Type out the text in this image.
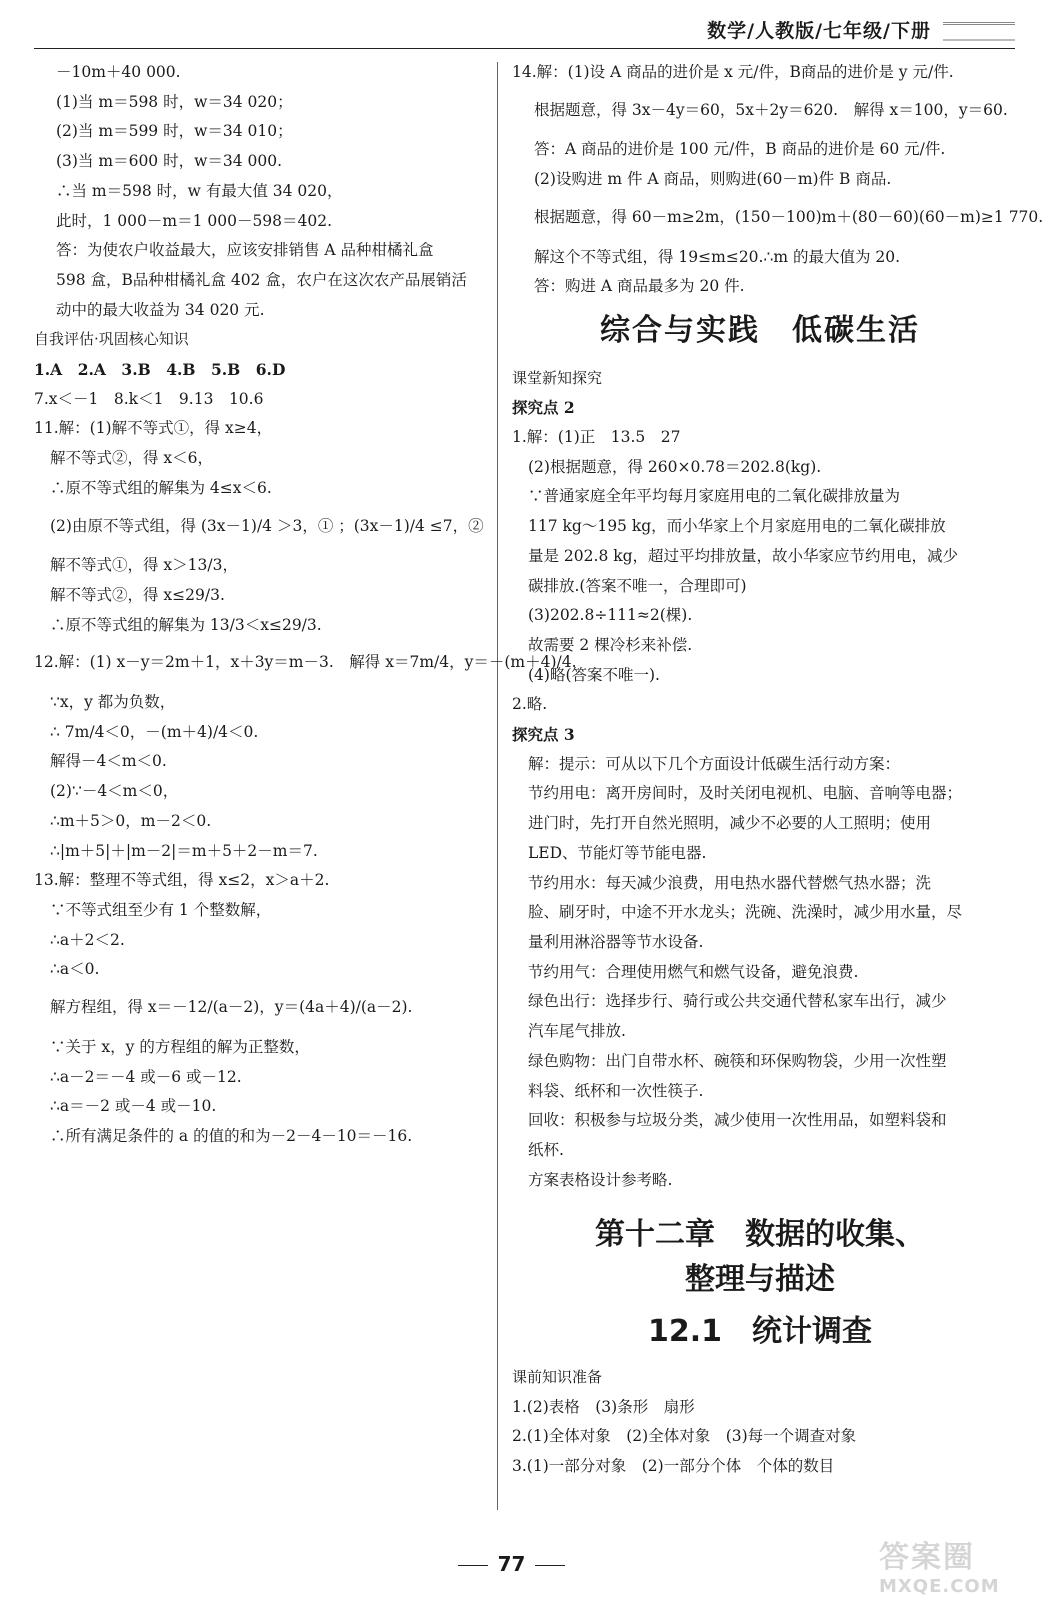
数学/人教版/七年级/下册
－10m＋40 000.
(1)当 m＝598 时，w＝34 020；
(2)当 m＝599 时，w＝34 010；
(3)当 m＝600 时，w＝34 000.
∴当 m＝598 时，w 有最大值 34 020，
此时，1 000－m＝1 000－598＝402.
答：为使农户收益最大，应该安排销售 A 品种柑橘礼盒
598 盒，B品种柑橘礼盒 402 盒，农户在这次农产品展销活
动中的最大收益为 34 020 元.
自我评估·巩固核心知识
1.A　2.A　3.B　4.B　5.B　6.D
7.x＜－1　8.k＜1　9.13　10.6
11.解：(1)解不等式①，得 x≥4，
解不等式②，得 x＜6，
∴原不等式组的解集为 4≤x＜6.
(2)由原不等式组，得 (3x－1)/4 ＞3，① ；(3x－1)/4 ≤7，②
解不等式①，得 x＞13/3，
解不等式②，得 x≤29/3.
∴原不等式组的解集为 13/3＜x≤29/3.
12.解：(1) x－y＝2m＋1，x＋3y＝m－3.　解得 x＝7m/4，y＝－(m＋4)/4.
∵x，y 都为负数，
∴ 7m/4＜0，－(m＋4)/4＜0.
解得－4＜m＜0.
(2)∵－4＜m＜0，
∴m＋5＞0，m－2＜0.
∴|m＋5|＋|m－2|＝m＋5＋2－m＝7.
13.解：整理不等式组，得 x≤2，x＞a＋2.
∵不等式组至少有 1 个整数解，
∴a＋2＜2.
∴a＜0.
解方程组，得 x＝－12/(a－2)，y＝(4a＋4)/(a－2).
∵关于 x，y 的方程组的解为正整数，
∴a－2＝－4 或－6 或－12.
∴a＝－2 或－4 或－10.
∴所有满足条件的 a 的值的和为－2－4－10＝－16.
14.解：(1)设 A 商品的进价是 x 元/件，B商品的进价是 y 元/件.
根据题意，得 3x－4y＝60，5x＋2y＝620.　解得 x＝100，y＝60.
答：A 商品的进价是 100 元/件，B 商品的进价是 60 元/件.
(2)设购进 m 件 A 商品，则购进(60－m)件 B 商品.
根据题意，得 60－m≥2m，(150－100)m＋(80－60)(60－m)≥1 770.
解这个不等式组，得 19≤m≤20.∴m 的最大值为 20.
答：购进 A 商品最多为 20 件.
综合与实践　低碳生活
课堂新知探究
探究点 2
1.解：(1)正　13.5　27
(2)根据题意，得 260×0.78＝202.8(kg).
∵普通家庭全年平均每月家庭用电的二氧化碳排放量为
117 kg～195 kg，而小华家上个月家庭用电的二氧化碳排放
量是 202.8 kg，超过平均排放量，故小华家应节约用电，减少
碳排放.(答案不唯一，合理即可)
(3)202.8÷111≈2(棵).
故需要 2 棵冷杉来补偿.
(4)略(答案不唯一).
2.略.
探究点 3
解：提示：可从以下几个方面设计低碳生活行动方案：
节约用电：离开房间时，及时关闭电视机、电脑、音响等电器；
进门时，先打开自然光照明，减少不必要的人工照明；使用
LED、节能灯等节能电器.
节约用水：每天减少浪费，用电热水器代替燃气热水器；洗
脸、刷牙时，中途不开水龙头；洗碗、洗澡时，减少用水量，尽
量利用淋浴器等节水设备.
节约用气：合理使用燃气和燃气设备，避免浪费.
绿色出行：选择步行、骑行或公共交通代替私家车出行，减少
汽车尾气排放.
绿色购物：出门自带水杯、碗筷和环保购物袋，少用一次性塑
料袋、纸杯和一次性筷子.
回收：积极参与垃圾分类，减少使用一次性用品，如塑料袋和
纸杯.
方案表格设计参考略.
第十二章　数据的收集、
整理与描述
12.1　统计调查
课前知识准备
1.(2)表格　(3)条形　扇形
2.(1)全体对象　(2)全体对象　(3)每一个调查对象
3.(1)一部分对象　(2)一部分个体　个体的数目
77	答案圈
MXQE.COM
